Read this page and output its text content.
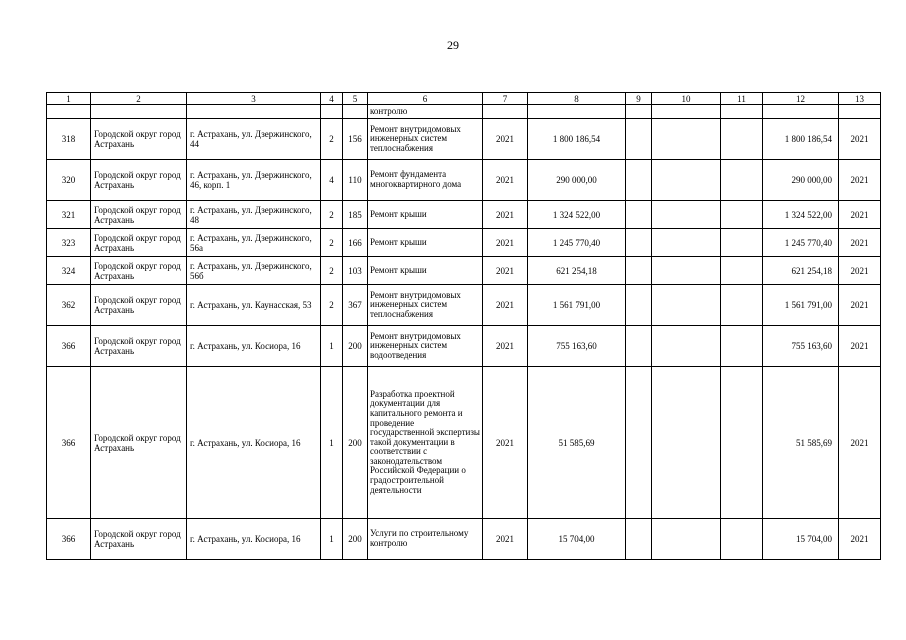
29
1	2	3	4	5	6	7	8	9	10	11	12	13
					контролю							
318	Городской округ город Астрахань	г. Астрахань, ул. Дзержинского, 44	2	156	Ремонт внутридомовых инженерных систем теплоснабжения	2021	1 800 186,54				1 800 186,54	2021
320	Городской округ город Астрахань	г. Астрахань, ул. Дзержинского, 46, корп. 1	4	110	Ремонт фундамента многоквартирного дома	2021	290 000,00				290 000,00	2021
321	Городской округ город Астрахань	г. Астрахань, ул. Дзержинского, 48	2	185	Ремонт крыши	2021	1 324 522,00				1 324 522,00	2021
323	Городской округ город Астрахань	г. Астрахань, ул. Дзержинского, 56а	2	166	Ремонт крыши	2021	1 245 770,40				1 245 770,40	2021
324	Городской округ город Астрахань	г. Астрахань, ул. Дзержинского, 56б	2	103	Ремонт крыши	2021	621 254,18				621 254,18	2021
362	Городской округ город Астрахань	г. Астрахань, ул. Каунасская, 53	2	367	Ремонт внутридомовых инженерных систем теплоснабжения	2021	1 561 791,00				1 561 791,00	2021
366	Городской округ город Астрахань	г. Астрахань, ул. Косиора, 16	1	200	Ремонт внутридомовых инженерных систем водоотведения	2021	755 163,60				755 163,60	2021
366	Городской округ город Астрахань	г. Астрахань, ул. Косиора, 16	1	200	Разработка проектной документации для капитального ремонта и проведение государственной экспертизы такой документации в соответствии с законодательством Российской Федерации о градостроительной деятельности	2021	51 585,69				51 585,69	2021
366	Городской округ город Астрахань	г. Астрахань, ул. Косиора, 16	1	200	Услуги по строительному контролю	2021	15 704,00				15 704,00	2021
